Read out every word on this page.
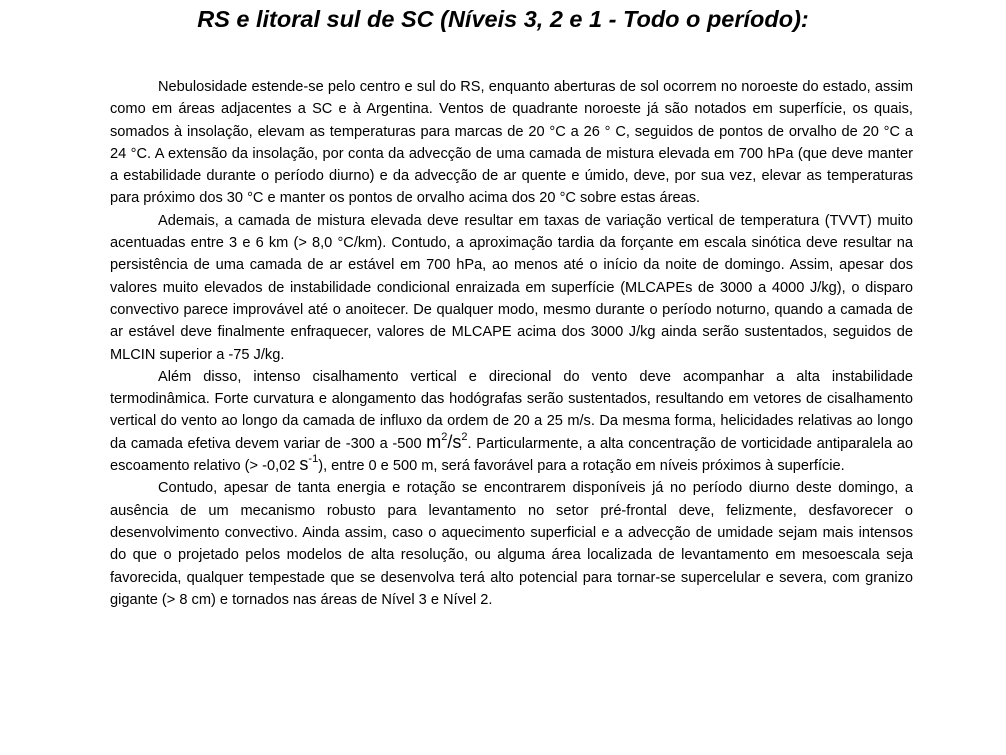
RS e litoral sul de SC (Níveis 3, 2 e 1 - Todo o período):

Nebulosidade estende-se pelo centro e sul do RS, enquanto aberturas de sol ocorrem no noroeste do estado, assim como em áreas adjacentes a SC e à Argentina. Ventos de quadrante noroeste já são notados em superfície, os quais, somados à insolação, elevam as temperaturas para marcas de 20 °C a 26 ° C, seguidos de pontos de orvalho de 20 °C a 24 °C. A extensão da insolação, por conta da advecção de uma camada de mistura elevada em 700 hPa (que deve manter a estabilidade durante o período diurno) e da advecção de ar quente e úmido, deve, por sua vez, elevar as temperaturas para próximo dos 30 °C e manter os pontos de orvalho acima dos 20 °C sobre estas áreas.

Ademais, a camada de mistura elevada deve resultar em taxas de variação vertical de temperatura (TVVT) muito acentuadas entre 3 e 6 km (> 8,0 °C/km). Contudo, a aproximação tardia da forçante em escala sinótica deve resultar na persistência de uma camada de ar estável em 700 hPa, ao menos até o início da noite de domingo. Assim, apesar dos valores muito elevados de instabilidade condicional enraizada em superfície (MLCAPEs de 3000 a 4000 J/kg), o disparo convectivo parece improvável até o anoitecer. De qualquer modo, mesmo durante o período noturno, quando a camada de ar estável deve finalmente enfraquecer, valores de MLCAPE acima dos 3000 J/kg ainda serão sustentados, seguidos de MLCIN superior a -75 J/kg.

Além disso, intenso cisalhamento vertical e direcional do vento deve acompanhar a alta instabilidade termodinâmica. Forte curvatura e alongamento das hodógrafas serão sustentados, resultando em vetores de cisalhamento vertical do vento ao longo da camada de influxo da ordem de 20 a 25 m/s. Da mesma forma, helicidades relativas ao longo da camada efetiva devem variar de -300 a -500 $m^2/s^2$. Particularmente, a alta concentração de vorticidade antiparalela ao escoamento relativo (> -0,02 $s^{-1}$), entre 0 e 500 m, será favorável para a rotação em níveis próximos à superfície.

Contudo, apesar de tanta energia e rotação se encontrarem disponíveis já no período diurno deste domingo, a ausência de um mecanismo robusto para levantamento no setor pré-frontal deve, felizmente, desfavorecer o desenvolvimento convectivo. Ainda assim, caso o aquecimento superficial e a advecção de umidade sejam mais intensos do que o projetado pelos modelos de alta resolução, ou alguma área localizada de levantamento em mesoescala seja favorecida, qualquer tempestade que se desenvolva terá alto potencial para tornar-se supercelular e severa, com granizo gigante (> 8 cm) e tornados nas áreas de Nível 3 e Nível 2.
